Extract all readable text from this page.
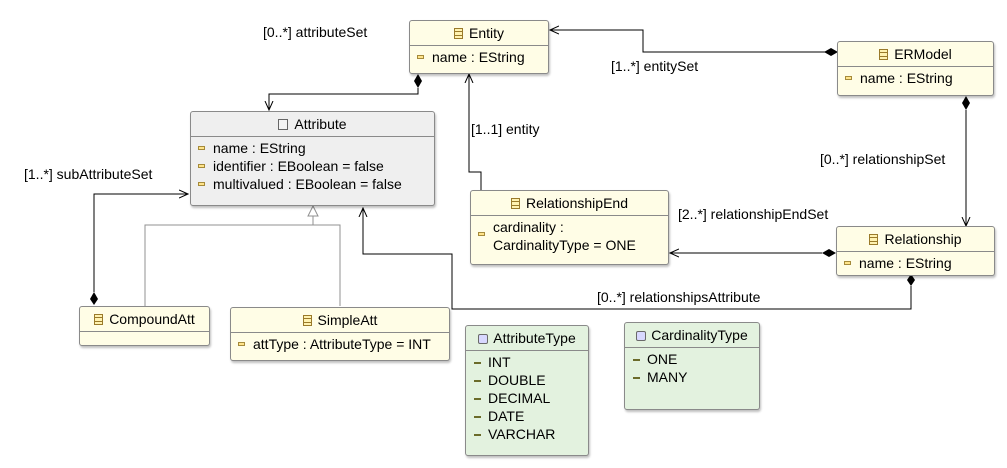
Entity
name : EString	ERModel
name : EString
Attribute
name : EString
identifier : EBoolean = false
multivalued : EBoolean = false
RelationshipEnd
cardinality :
CardinalityType = ONE	Relationship
name : EString
CompoundAtt	SimpleAtt
attType : AttributeType = INT	AttributeType
INT
DOUBLE
DECIMAL
DATE
VARCHAR
CardinalityType
ONE
MANY
[0..*] attributeSet
[1..*] entitySet
[1..1] entity
[0..*] relationshipSet
[1..*] subAttributeSet
[2..*] relationshipEndSet
[0..*] relationshipsAttribute
